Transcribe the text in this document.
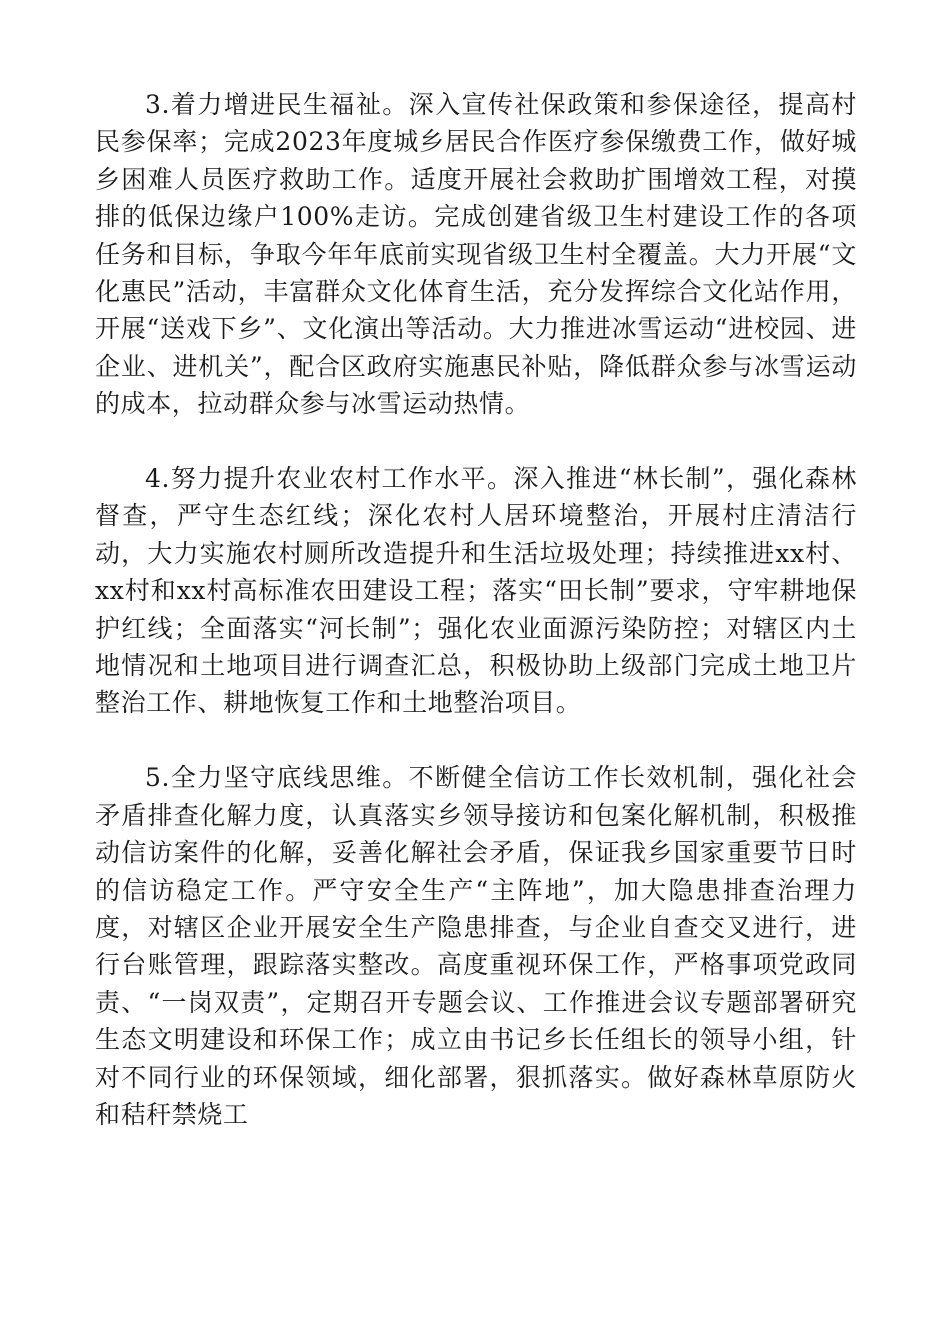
3.着力增进民生福祉。深入宣传社保政策和参保途径，提高村民参保率；完成2023年度城乡居民合作医疗参保缴费工作，做好城乡困难人员医疗救助工作。适度开展社会救助扩围增效工程，对摸排的低保边缘户100%走访。完成创建省级卫生村建设工作的各项任务和目标，争取今年年底前实现省级卫生村全覆盖。大力开展“文化惠民”活动，丰富群众文化体育生活，充分发挥综合文化站作用，开展“送戏下乡”、文化演出等活动。大力推进冰雪运动“进校园、进企业、进机关”，配合区政府实施惠民补贴，降低群众参与冰雪运动的成本，拉动群众参与冰雪运动热情。

4.努力提升农业农村工作水平。深入推进“林长制”，强化森林督查，严守生态红线；深化农村人居环境整治，开展村庄清洁行动，大力实施农村厕所改造提升和生活垃圾处理；持续推进xx村、xx村和xx村高标准农田建设工程；落实“田长制”要求，守牢耕地保护红线；全面落实“河长制”；强化农业面源污染防控；对辖区内土地情况和土地项目进行调查汇总，积极协助上级部门完成土地卫片整治工作、耕地恢复工作和土地整治项目。

5.全力坚守底线思维。不断健全信访工作长效机制，强化社会矛盾排查化解力度，认真落实乡领导接访和包案化解机制，积极推动信访案件的化解，妥善化解社会矛盾，保证我乡国家重要节日时的信访稳定工作。严守安全生产“主阵地”，加大隐患排查治理力度，对辖区企业开展安全生产隐患排查，与企业自查交叉进行，进行台账管理，跟踪落实整改。高度重视环保工作，严格事项党政同责、“一岗双责”，定期召开专题会议、工作推进会议专题部署研究生态文明建设和环保工作；成立由书记乡长任组长的领导小组，针对不同行业的环保领域，细化部署，狠抓落实。做好森林草原防火和秸秆禁烧工
